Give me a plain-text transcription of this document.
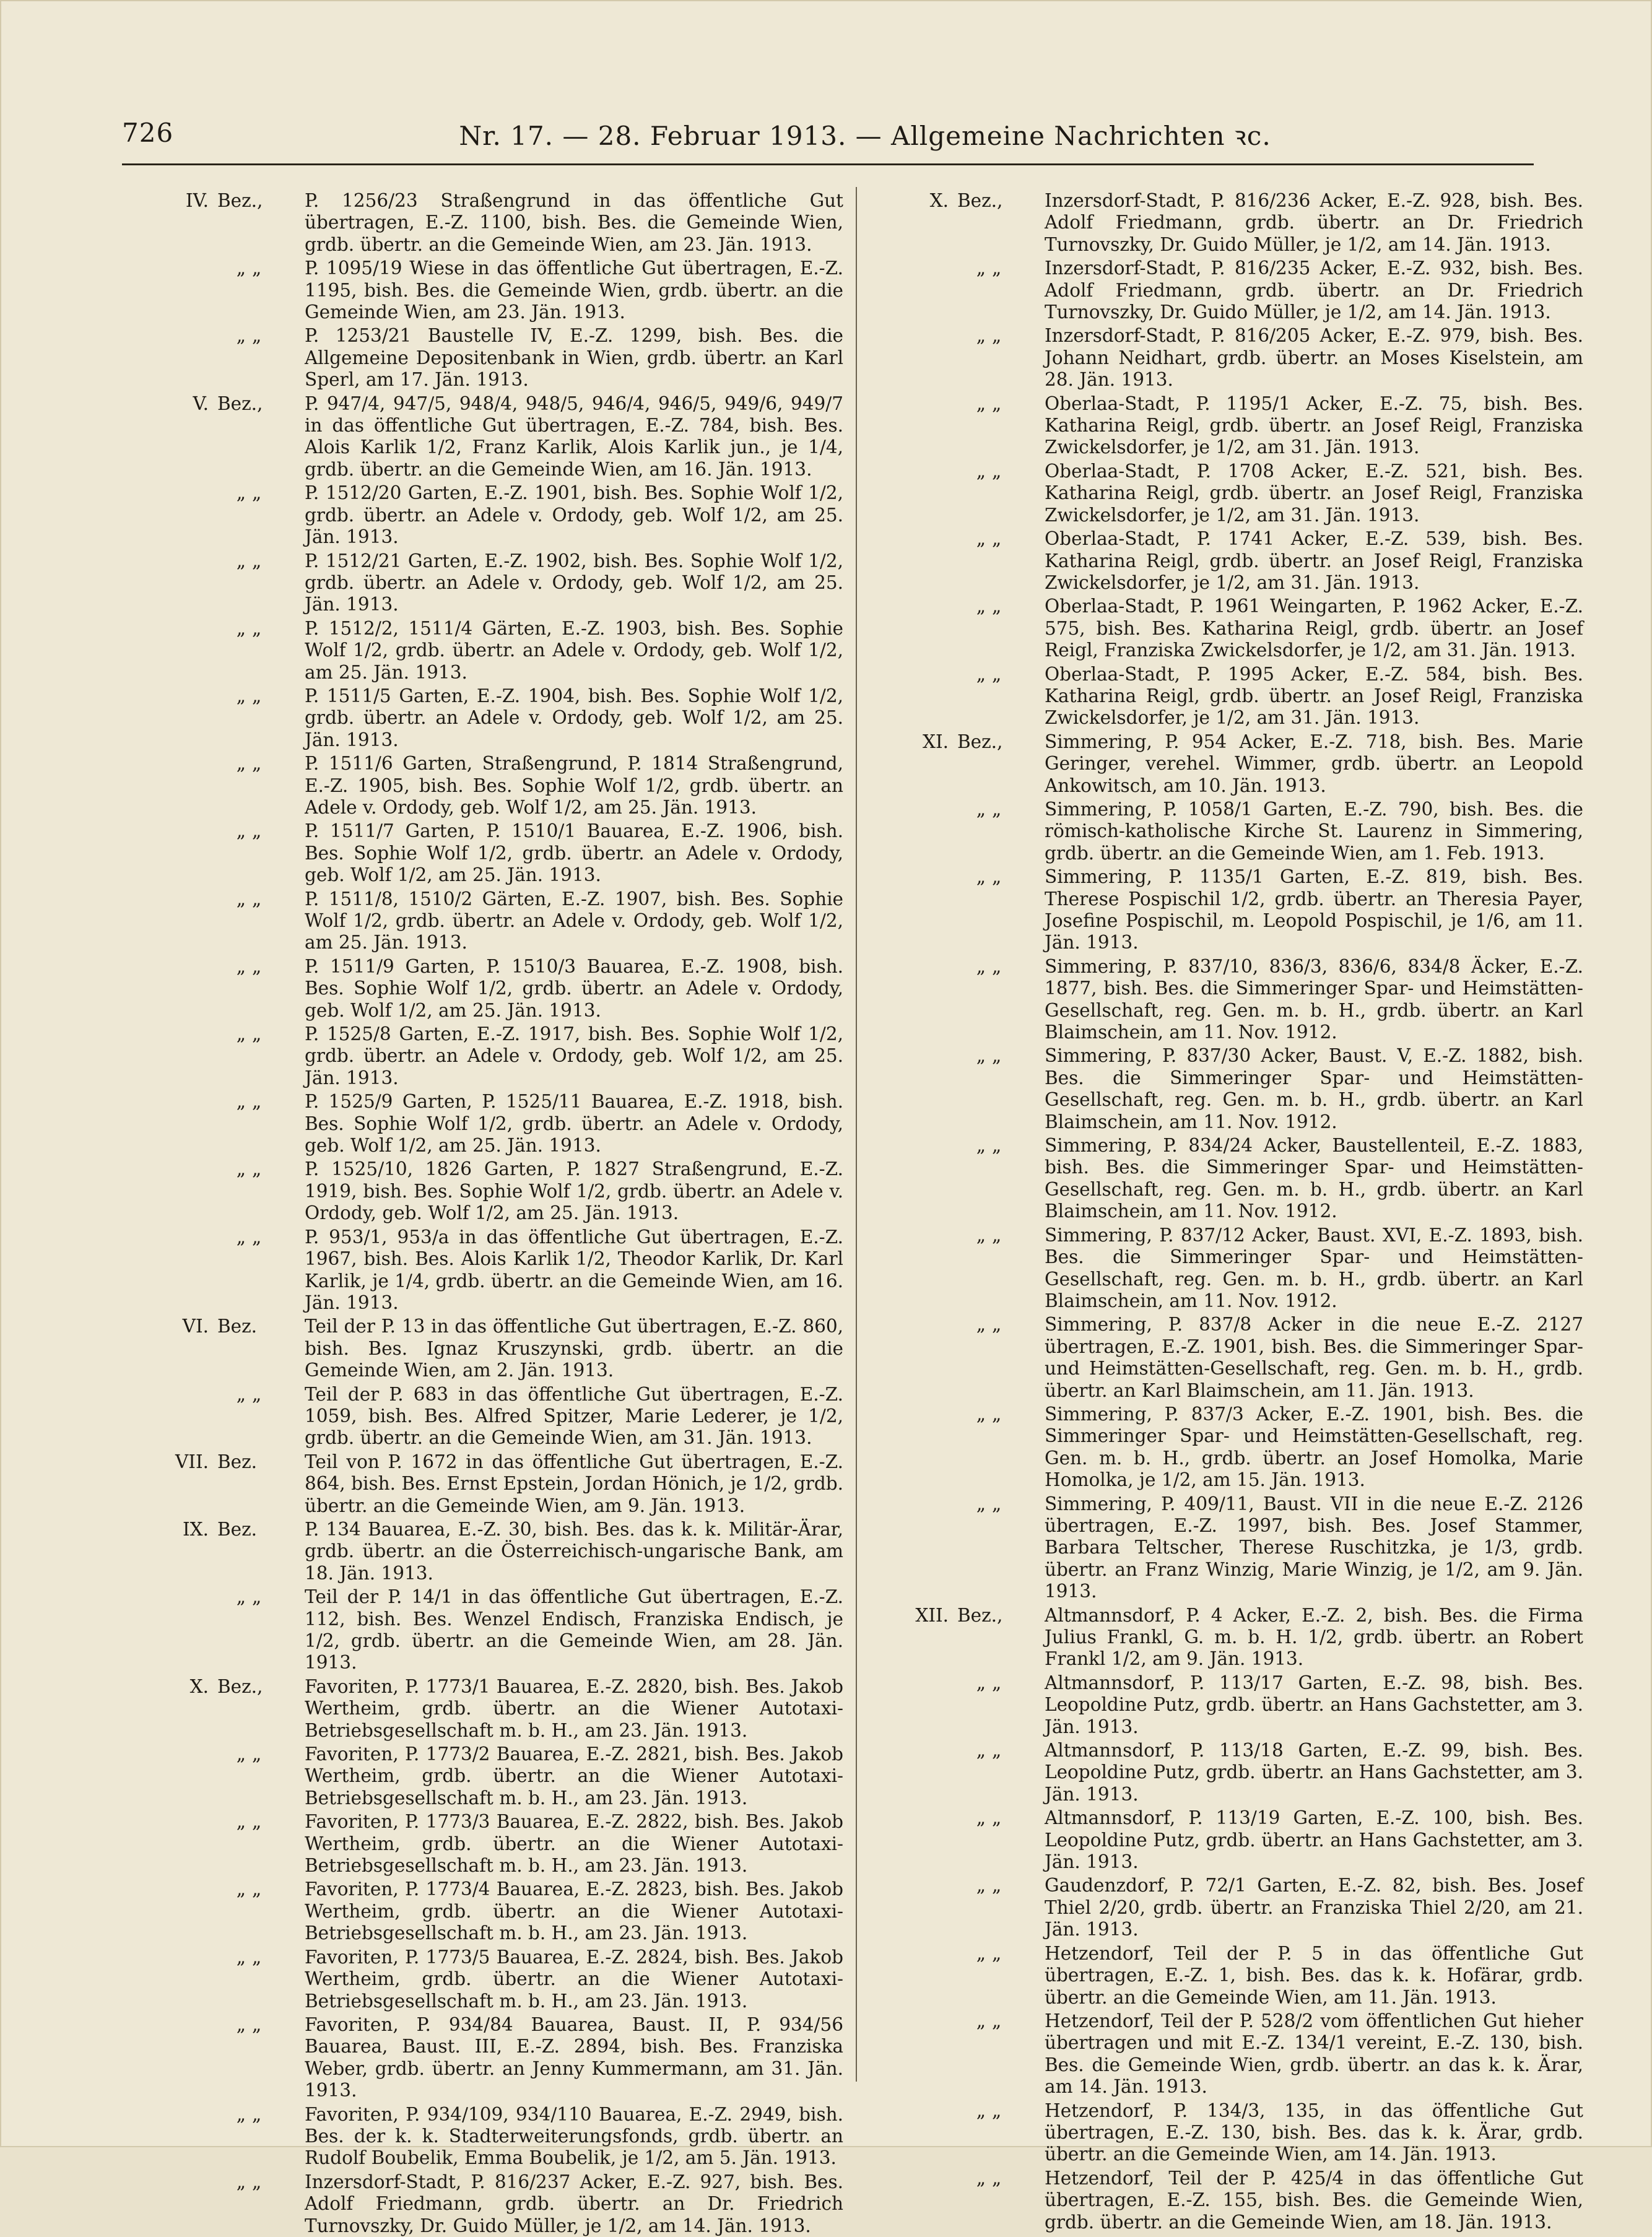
726	Nr. 17. — 28. Februar 1913. — Allgemeine Nachrichten ꝛc.
IV. Bez.,	P. 1256/23 Straßengrund in das öffentliche Gut übertragen, E.-Z. 1100, bish. Bes. die Gemeinde Wien, grdb. übertr. an die Gemeinde Wien, am 23. Jän. 1913.
„ „	P. 1095/19 Wiese in das öffentliche Gut übertragen, E.-Z. 1195, bish. Bes. die Gemeinde Wien, grdb. übertr. an die Gemeinde Wien, am 23. Jän. 1913.
„ „	P. 1253/21 Baustelle IV, E.-Z. 1299, bish. Bes. die Allgemeine Depositenbank in Wien, grdb. übertr. an Karl Sperl, am 17. Jän. 1913.
V. Bez.,	P. 947/4, 947/5, 948/4, 948/5, 946/4, 946/5, 949/6, 949/7 in das öffentliche Gut übertragen, E.-Z. 784, bish. Bes. Alois Karlik 1/2, Franz Karlik, Alois Karlik jun., je 1/4, grdb. übertr. an die Gemeinde Wien, am 16. Jän. 1913.
„ „	P. 1512/20 Garten, E.-Z. 1901, bish. Bes. Sophie Wolf 1/2, grdb. übertr. an Adele v. Ordody, geb. Wolf 1/2, am 25. Jän. 1913.
„ „	P. 1512/21 Garten, E.-Z. 1902, bish. Bes. Sophie Wolf 1/2, grdb. übertr. an Adele v. Ordody, geb. Wolf 1/2, am 25. Jän. 1913.
„ „	P. 1512/2, 1511/4 Gärten, E.-Z. 1903, bish. Bes. Sophie Wolf 1/2, grdb. übertr. an Adele v. Ordody, geb. Wolf 1/2, am 25. Jän. 1913.
„ „	P. 1511/5 Garten, E.-Z. 1904, bish. Bes. Sophie Wolf 1/2, grdb. übertr. an Adele v. Ordody, geb. Wolf 1/2, am 25. Jän. 1913.
„ „	P. 1511/6 Garten, Straßengrund, P. 1814 Straßengrund, E.-Z. 1905, bish. Bes. Sophie Wolf 1/2, grdb. übertr. an Adele v. Ordody, geb. Wolf 1/2, am 25. Jän. 1913.
„ „	P. 1511/7 Garten, P. 1510/1 Bauarea, E.-Z. 1906, bish. Bes. Sophie Wolf 1/2, grdb. übertr. an Adele v. Ordody, geb. Wolf 1/2, am 25. Jän. 1913.
„ „	P. 1511/8, 1510/2 Gärten, E.-Z. 1907, bish. Bes. Sophie Wolf 1/2, grdb. übertr. an Adele v. Ordody, geb. Wolf 1/2, am 25. Jän. 1913.
„ „	P. 1511/9 Garten, P. 1510/3 Bauarea, E.-Z. 1908, bish. Bes. Sophie Wolf 1/2, grdb. übertr. an Adele v. Ordody, geb. Wolf 1/2, am 25. Jän. 1913.
„ „	P. 1525/8 Garten, E.-Z. 1917, bish. Bes. Sophie Wolf 1/2, grdb. übertr. an Adele v. Ordody, geb. Wolf 1/2, am 25. Jän. 1913.
„ „	P. 1525/9 Garten, P. 1525/11 Bauarea, E.-Z. 1918, bish. Bes. Sophie Wolf 1/2, grdb. übertr. an Adele v. Ordody, geb. Wolf 1/2, am 25. Jän. 1913.
„ „	P. 1525/10, 1826 Garten, P. 1827 Straßengrund, E.-Z. 1919, bish. Bes. Sophie Wolf 1/2, grdb. übertr. an Adele v. Ordody, geb. Wolf 1/2, am 25. Jän. 1913.
„ „	P. 953/1, 953/a in das öffentliche Gut übertragen, E.-Z. 1967, bish. Bes. Alois Karlik 1/2, Theodor Karlik, Dr. Karl Karlik, je 1/4, grdb. übertr. an die Gemeinde Wien, am 16. Jän. 1913.
VI. Bez.	Teil der P. 13 in das öffentliche Gut übertragen, E.-Z. 860, bish. Bes. Ignaz Kruszynski, grdb. übertr. an die Gemeinde Wien, am 2. Jän. 1913.
„ „	Teil der P. 683 in das öffentliche Gut übertragen, E.-Z. 1059, bish. Bes. Alfred Spitzer, Marie Lederer, je 1/2, grdb. übertr. an die Gemeinde Wien, am 31. Jän. 1913.
VII. Bez.	Teil von P. 1672 in das öffentliche Gut übertragen, E.-Z. 864, bish. Bes. Ernst Epstein, Jordan Hönich, je 1/2, grdb. übertr. an die Gemeinde Wien, am 9. Jän. 1913.
IX. Bez.	P. 134 Bauarea, E.-Z. 30, bish. Bes. das k. k. Militär-Ärar, grdb. übertr. an die Österreichisch-ungarische Bank, am 18. Jän. 1913.
„ „	Teil der P. 14/1 in das öffentliche Gut übertragen, E.-Z. 112, bish. Bes. Wenzel Endisch, Franziska Endisch, je 1/2, grdb. übertr. an die Gemeinde Wien, am 28. Jän. 1913.
X. Bez.,	Favoriten, P. 1773/1 Bauarea, E.-Z. 2820, bish. Bes. Jakob Wertheim, grdb. übertr. an die Wiener Autotaxi-Betriebsgesellschaft m. b. H., am 23. Jän. 1913.
„ „	Favoriten, P. 1773/2 Bauarea, E.-Z. 2821, bish. Bes. Jakob Wertheim, grdb. übertr. an die Wiener Autotaxi-Betriebsgesellschaft m. b. H., am 23. Jän. 1913.
„ „	Favoriten, P. 1773/3 Bauarea, E.-Z. 2822, bish. Bes. Jakob Wertheim, grdb. übertr. an die Wiener Autotaxi-Betriebsgesellschaft m. b. H., am 23. Jän. 1913.
„ „	Favoriten, P. 1773/4 Bauarea, E.-Z. 2823, bish. Bes. Jakob Wertheim, grdb. übertr. an die Wiener Autotaxi-Betriebsgesellschaft m. b. H., am 23. Jän. 1913.
„ „	Favoriten, P. 1773/5 Bauarea, E.-Z. 2824, bish. Bes. Jakob Wertheim, grdb. übertr. an die Wiener Autotaxi-Betriebsgesellschaft m. b. H., am 23. Jän. 1913.
„ „	Favoriten, P. 934/84 Bauarea, Baust. II, P. 934/56 Bauarea, Baust. III, E.-Z. 2894, bish. Bes. Franziska Weber, grdb. übertr. an Jenny Kummermann, am 31. Jän. 1913.
„ „	Favoriten, P. 934/109, 934/110 Bauarea, E.-Z. 2949, bish. Bes. der k. k. Stadterweiterungsfonds, grdb. übertr. an Rudolf Boubelik, Emma Boubelik, je 1/2, am 5. Jän. 1913.
„ „	Inzersdorf-Stadt, P. 816/237 Acker, E.-Z. 927, bish. Bes. Adolf Friedmann, grdb. übertr. an Dr. Friedrich Turnovszky, Dr. Guido Müller, je 1/2, am 14. Jän. 1913.
X. Bez.,	Inzersdorf-Stadt, P. 816/236 Acker, E.-Z. 928, bish. Bes. Adolf Friedmann, grdb. übertr. an Dr. Friedrich Turnovszky, Dr. Guido Müller, je 1/2, am 14. Jän. 1913.
„ „	Inzersdorf-Stadt, P. 816/235 Acker, E.-Z. 932, bish. Bes. Adolf Friedmann, grdb. übertr. an Dr. Friedrich Turnovszky, Dr. Guido Müller, je 1/2, am 14. Jän. 1913.
„ „	Inzersdorf-Stadt, P. 816/205 Acker, E.-Z. 979, bish. Bes. Johann Neidhart, grdb. übertr. an Moses Kiselstein, am 28. Jän. 1913.
„ „	Oberlaa-Stadt, P. 1195/1 Acker, E.-Z. 75, bish. Bes. Katharina Reigl, grdb. übertr. an Josef Reigl, Franziska Zwickelsdorfer, je 1/2, am 31. Jän. 1913.
„ „	Oberlaa-Stadt, P. 1708 Acker, E.-Z. 521, bish. Bes. Katharina Reigl, grdb. übertr. an Josef Reigl, Franziska Zwickelsdorfer, je 1/2, am 31. Jän. 1913.
„ „	Oberlaa-Stadt, P. 1741 Acker, E.-Z. 539, bish. Bes. Katharina Reigl, grdb. übertr. an Josef Reigl, Franziska Zwickelsdorfer, je 1/2, am 31. Jän. 1913.
„ „	Oberlaa-Stadt, P. 1961 Weingarten, P. 1962 Acker, E.-Z. 575, bish. Bes. Katharina Reigl, grdb. übertr. an Josef Reigl, Franziska Zwickelsdorfer, je 1/2, am 31. Jän. 1913.
„ „	Oberlaa-Stadt, P. 1995 Acker, E.-Z. 584, bish. Bes. Katharina Reigl, grdb. übertr. an Josef Reigl, Franziska Zwickelsdorfer, je 1/2, am 31. Jän. 1913.
XI. Bez.,	Simmering, P. 954 Acker, E.-Z. 718, bish. Bes. Marie Geringer, verehel. Wimmer, grdb. übertr. an Leopold Ankowitsch, am 10. Jän. 1913.
„ „	Simmering, P. 1058/1 Garten, E.-Z. 790, bish. Bes. die römisch-katholische Kirche St. Laurenz in Simmering, grdb. übertr. an die Gemeinde Wien, am 1. Feb. 1913.
„ „	Simmering, P. 1135/1 Garten, E.-Z. 819, bish. Bes. Therese Pospischil 1/2, grdb. übertr. an Theresia Payer, Josefine Pospischil, m. Leopold Pospischil, je 1/6, am 11. Jän. 1913.
„ „	Simmering, P. 837/10, 836/3, 836/6, 834/8 Äcker, E.-Z. 1877, bish. Bes. die Simmeringer Spar- und Heimstätten-Gesellschaft, reg. Gen. m. b. H., grdb. übertr. an Karl Blaimschein, am 11. Nov. 1912.
„ „	Simmering, P. 837/30 Acker, Baust. V, E.-Z. 1882, bish. Bes. die Simmeringer Spar- und Heimstätten-Gesellschaft, reg. Gen. m. b. H., grdb. übertr. an Karl Blaimschein, am 11. Nov. 1912.
„ „	Simmering, P. 834/24 Acker, Baustellenteil, E.-Z. 1883, bish. Bes. die Simmeringer Spar- und Heimstätten-Gesellschaft, reg. Gen. m. b. H., grdb. übertr. an Karl Blaimschein, am 11. Nov. 1912.
„ „	Simmering, P. 837/12 Acker, Baust. XVI, E.-Z. 1893, bish. Bes. die Simmeringer Spar- und Heimstätten-Gesellschaft, reg. Gen. m. b. H., grdb. übertr. an Karl Blaimschein, am 11. Nov. 1912.
„ „	Simmering, P. 837/8 Acker in die neue E.-Z. 2127 übertragen, E.-Z. 1901, bish. Bes. die Simmeringer Spar- und Heimstätten-Gesellschaft, reg. Gen. m. b. H., grdb. übertr. an Karl Blaimschein, am 11. Jän. 1913.
„ „	Simmering, P. 837/3 Acker, E.-Z. 1901, bish. Bes. die Simmeringer Spar- und Heimstätten-Gesellschaft, reg. Gen. m. b. H., grdb. übertr. an Josef Homolka, Marie Homolka, je 1/2, am 15. Jän. 1913.
„ „	Simmering, P. 409/11, Baust. VII in die neue E.-Z. 2126 übertragen, E.-Z. 1997, bish. Bes. Josef Stammer, Barbara Teltscher, Therese Ruschitzka, je 1/3, grdb. übertr. an Franz Winzig, Marie Winzig, je 1/2, am 9. Jän. 1913.
XII. Bez.,	Altmannsdorf, P. 4 Acker, E.-Z. 2, bish. Bes. die Firma Julius Frankl, G. m. b. H. 1/2, grdb. übertr. an Robert Frankl 1/2, am 9. Jän. 1913.
„ „	Altmannsdorf, P. 113/17 Garten, E.-Z. 98, bish. Bes. Leopoldine Putz, grdb. übertr. an Hans Gachstetter, am 3. Jän. 1913.
„ „	Altmannsdorf, P. 113/18 Garten, E.-Z. 99, bish. Bes. Leopoldine Putz, grdb. übertr. an Hans Gachstetter, am 3. Jän. 1913.
„ „	Altmannsdorf, P. 113/19 Garten, E.-Z. 100, bish. Bes. Leopoldine Putz, grdb. übertr. an Hans Gachstetter, am 3. Jän. 1913.
„ „	Gaudenzdorf, P. 72/1 Garten, E.-Z. 82, bish. Bes. Josef Thiel 2/20, grdb. übertr. an Franziska Thiel 2/20, am 21. Jän. 1913.
„ „	Hetzendorf, Teil der P. 5 in das öffentliche Gut übertragen, E.-Z. 1, bish. Bes. das k. k. Hofärar, grdb. übertr. an die Gemeinde Wien, am 11. Jän. 1913.
„ „	Hetzendorf, Teil der P. 528/2 vom öffentlichen Gut hieher übertragen und mit E.-Z. 134/1 vereint, E.-Z. 130, bish. Bes. die Gemeinde Wien, grdb. übertr. an das k. k. Ärar, am 14. Jän. 1913.
„ „	Hetzendorf, P. 134/3, 135, in das öffentliche Gut übertragen, E.-Z. 130, bish. Bes. das k. k. Ärar, grdb. übertr. an die Gemeinde Wien, am 14. Jän. 1913.
„ „	Hetzendorf, Teil der P. 425/4 in das öffentliche Gut übertragen, E.-Z. 155, bish. Bes. die Gemeinde Wien, grdb. übertr. an die Gemeinde Wien, am 18. Jän. 1913.
